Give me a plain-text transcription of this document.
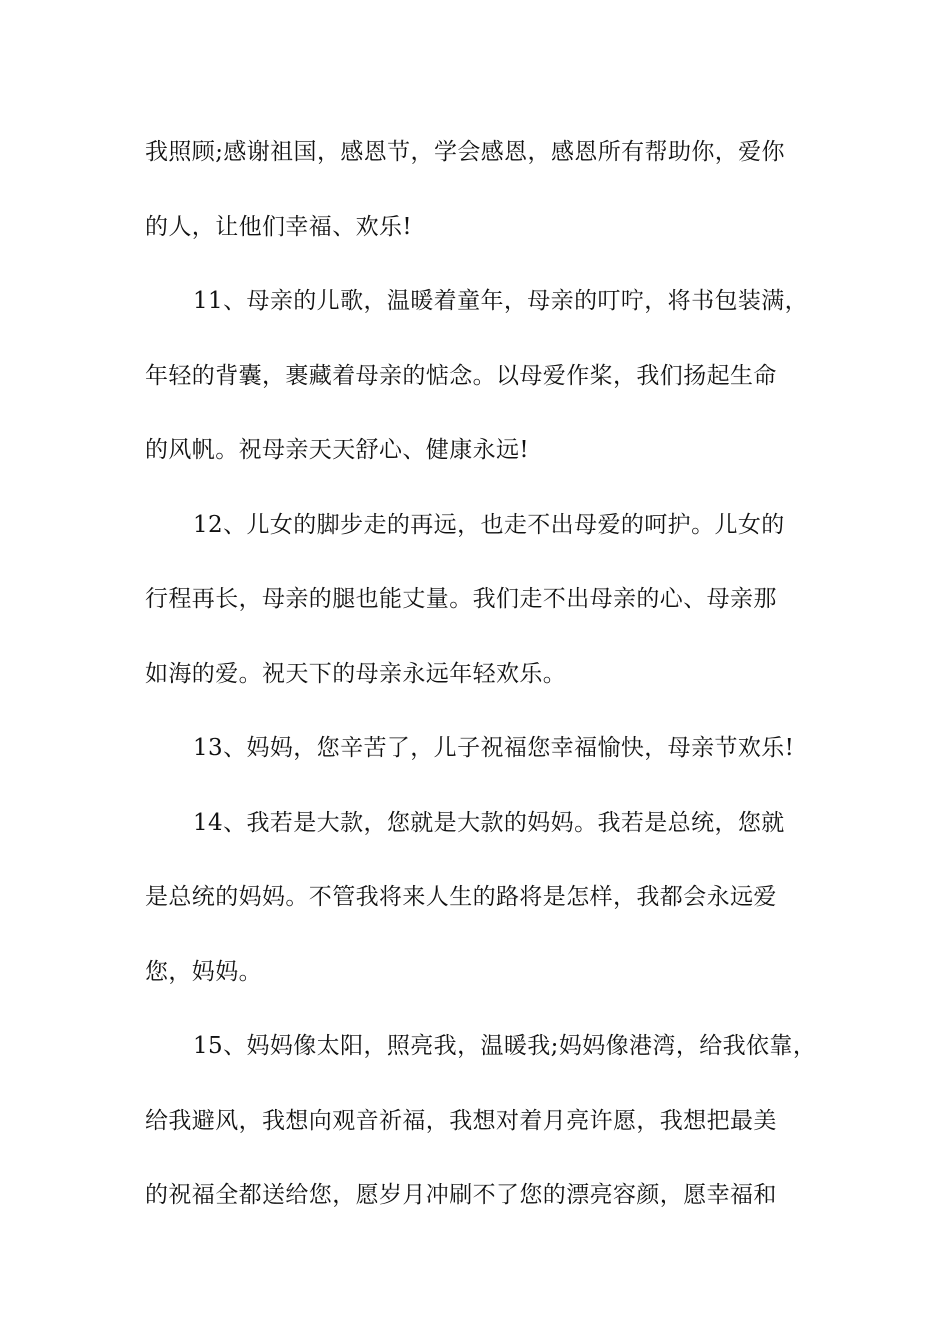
我照顾;感谢祖国，感恩节，学会感恩，感恩所有帮助你，爱你
的人，让他们幸福、欢乐!
11、母亲的儿歌，温暖着童年，母亲的叮咛，将书包装满，
年轻的背囊，裹藏着母亲的惦念。以母爱作桨，我们扬起生命
的风帆。祝母亲天天舒心、健康永远!
12、儿女的脚步走的再远，也走不出母爱的呵护。儿女的
行程再长，母亲的腿也能丈量。我们走不出母亲的心、母亲那
如海的爱。祝天下的母亲永远年轻欢乐。
13、妈妈，您辛苦了，儿子祝福您幸福愉快，母亲节欢乐!
14、我若是大款，您就是大款的妈妈。我若是总统，您就
是总统的妈妈。不管我将来人生的路将是怎样，我都会永远爱
您，妈妈。
15、妈妈像太阳，照亮我，温暖我;妈妈像港湾，给我依靠，
给我避风，我想向观音祈福，我想对着月亮许愿，我想把最美
的祝福全都送给您，愿岁月冲刷不了您的漂亮容颜，愿幸福和
